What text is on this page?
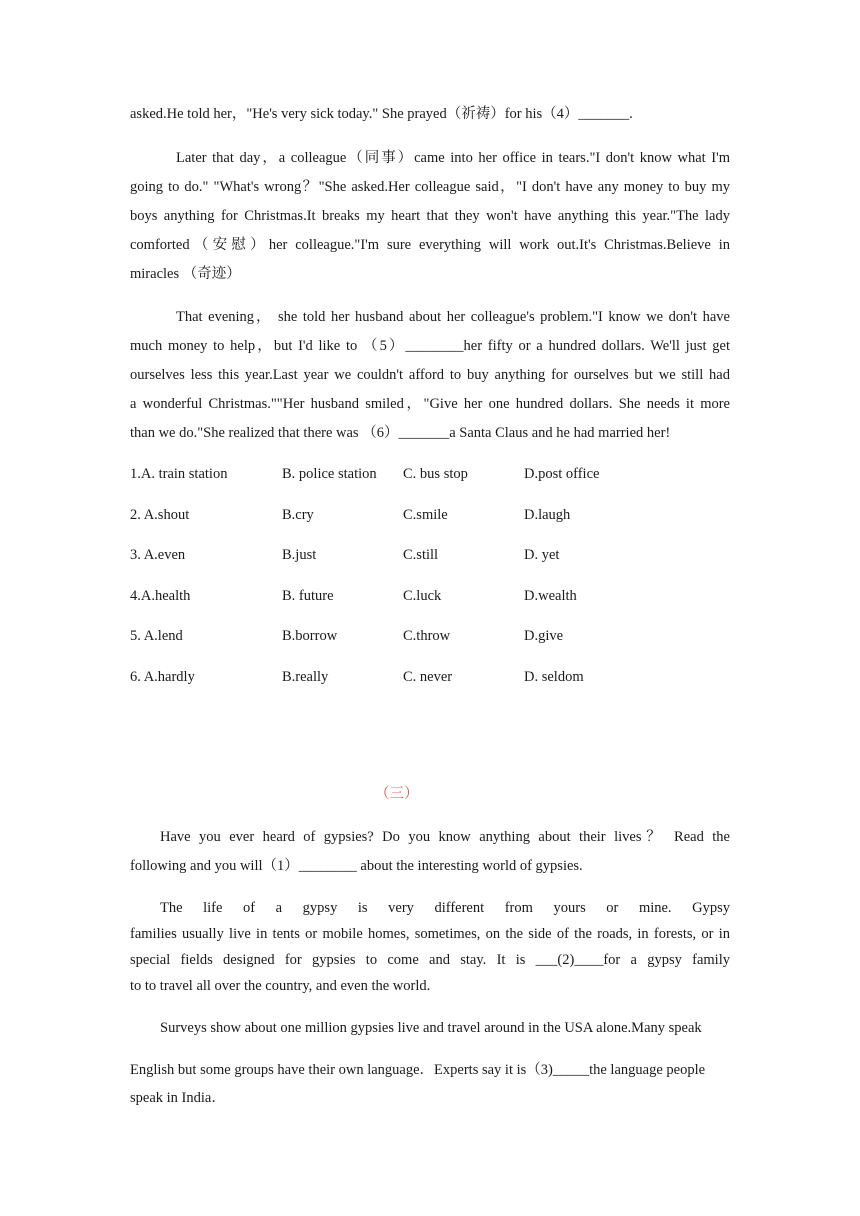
asked.He told her，"He's very sick today." She prayed（祈祷）for his（4）_______.
Later that day，a colleague（同事）came into her office in tears."I don't know what I'm
going to do." "What's wrong？"She asked.Her colleague said，"I don't have any money to buy my
boys anything for Christmas.It breaks my heart that they won't have anything this year."The lady
comforted（安慰）her colleague."I'm sure everything will work out.It's Christmas.Believe in
miracles （奇迹）
That evening， she told her husband about her colleague's problem."I know we don't have
much money to help，but I'd like to （5）________her fifty or a hundred dollars. We'll just get
ourselves less this year.Last year we couldn't afford to buy anything for ourselves but we still had
a wonderful Christmas.""Her husband smiled，"Give her one hundred dollars. She needs it more
than we do."She realized that there was （6）_______a Santa Claus and he had married her!
1.A. train station	B. police station C. bus stop	D.post office
2. A.shout	B.cry	C.smile	D.laugh
3. A.even	B.just	C.still	D. yet
4.A.health	B. future	C.luck	D.wealth
5. A.lend	B.borrow	C.throw	D.give
6. A.hardly	B.really	C. never	D. seldom
（三）
Have you ever heard of gypsies? Do you know anything about their lives？ Read the
following and you will（1）________ about the interesting world of gypsies.
The life of a gypsy is very different from yours or mine. Gypsy
families usually live in tents or mobile homes, sometimes, on the side of the roads, in forests, or in
special fields designed for gypsies to come and stay. It is ___(2)____for a gypsy family
to to travel all over the country, and even the world.
Surveys show about one million gypsies live and travel around in the USA alone.Many speak
English but some groups have their own language．Experts say it is（3)_____the language people
speak in India．
